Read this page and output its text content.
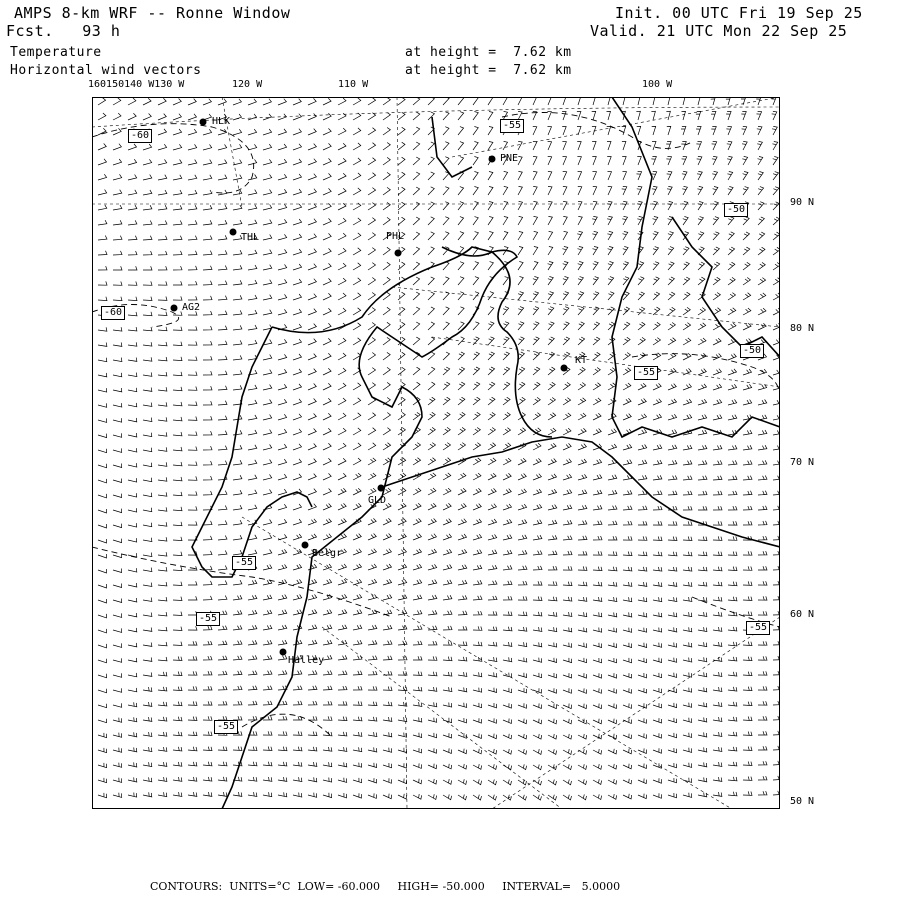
AMPS 8-km WRF -- Ronne Window
Fcst.   93 h
Temperature
Horizontal wind vectors
at height =  7.62 km
at height =  7.62 km
Init. 00 UTC Fri 19 Sep 25
Valid. 21 UTC Mon 22 Sep 25
160150140 W130 W	120 W	110 W	100 W
90 N
80 N
70 N
60 N
50 N
HLK
PNE
THL	PHL
AG2
KT
GLD
Belgr
Halley
-60
-55
-50
-60
-50
-55
-55
-55
-55
-55
CONTOURS:  UNITS=°C  LOW= -60.000     HIGH= -50.000     INTERVAL=   5.0000
